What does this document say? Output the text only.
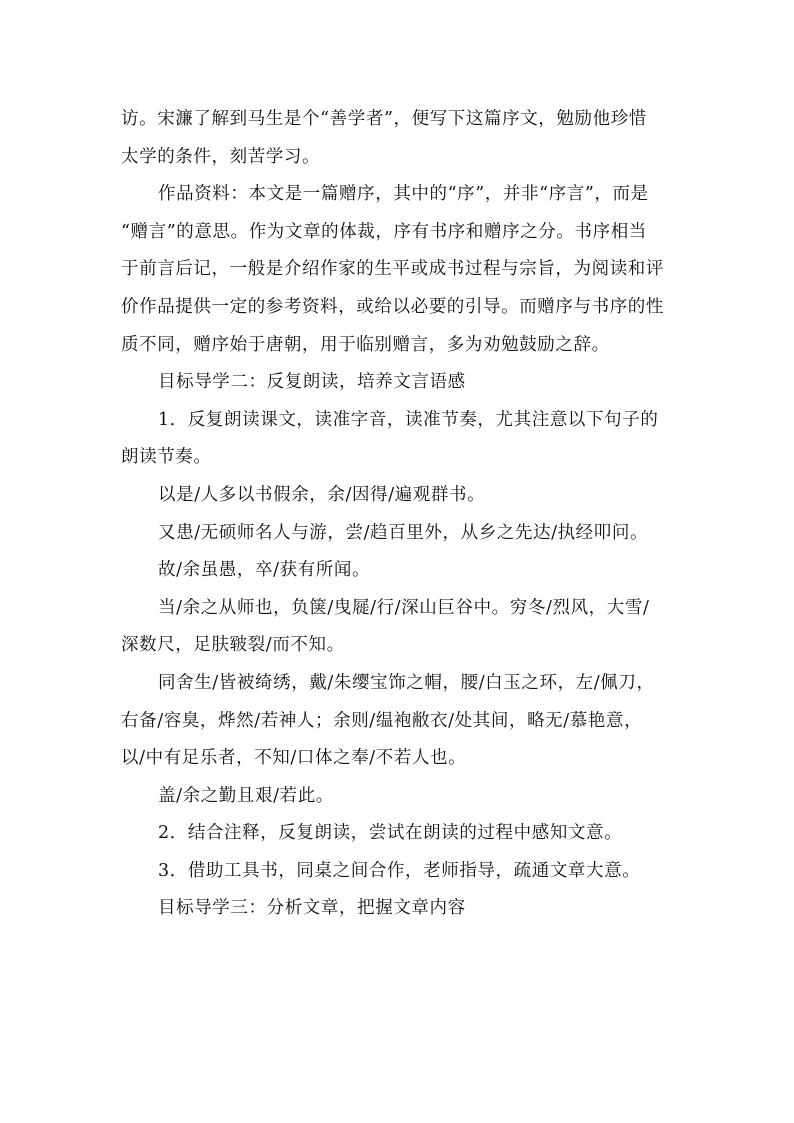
访。宋濂了解到马生是个“善学者”，便写下这篇序文，勉励他珍惜
太学的条件，刻苦学习。
作品资料：本文是一篇赠序，其中的“序”，并非“序言”，而是
“赠言”的意思。作为文章的体裁，序有书序和赠序之分。书序相当
于前言后记，一般是介绍作家的生平或成书过程与宗旨，为阅读和评
价作品提供一定的参考资料，或给以必要的引导。而赠序与书序的性
质不同，赠序始于唐朝，用于临别赠言，多为劝勉鼓励之辞。
目标导学二：反复朗读，培养文言语感
1．反复朗读课文，读准字音，读准节奏，尤其注意以下句子的
朗读节奏。
以是/人多以书假余，余/因得/遍观群书。
又患/无硕师名人与游，尝/趋百里外，从乡之先达/执经叩问。
故/余虽愚，卒/获有所闻。
当/余之从师也，负箧/曳屣/行/深山巨谷中。穷冬/烈风，大雪/
深数尺，足肤皲裂/而不知。
同舍生/皆被绮绣，戴/朱缨宝饰之帽，腰/白玉之环，左/佩刀，
右备/容臭，烨然/若神人；余则/缊袍敝衣/处其间，略无/慕艳意，
以/中有足乐者，不知/口体之奉/不若人也。
盖/余之勤且艰/若此。
2．结合注释，反复朗读，尝试在朗读的过程中感知文意。
3．借助工具书，同桌之间合作，老师指导，疏通文章大意。
目标导学三：分析文章，把握文章内容
